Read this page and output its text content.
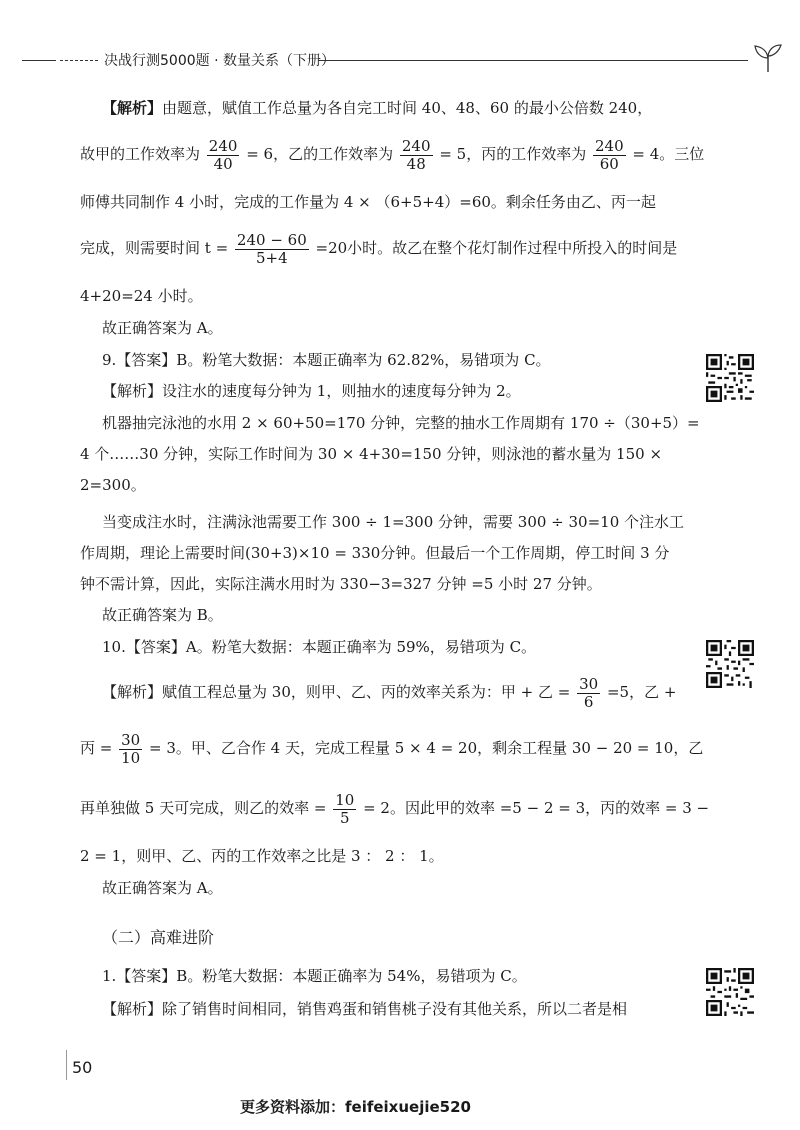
决战行测5000题 · 数量关系（下册）
【解析】由题意，赋值工作总量为各自完工时间 40、48、60 的最小公倍数 240，
故甲的工作效率为 $\frac{240}{40} = 6$，乙的工作效率为 $\frac{240}{48} = 5$，丙的工作效率为 $\frac{240}{60} = 4$。三位
师傅共同制作 4 小时，完成的工作量为 4 × （6+5+4）=60。剩余任务由乙、丙一起
完成，则需要时间 $t = \frac{240 - 60}{5+4} =20$小时。故乙在整个花灯制作过程中所投入的时间是
4+20=24 小时。
故正确答案为 A。
9.【答案】B。粉笔大数据：本题正确率为 62.82%，易错项为 C。
【解析】设注水的速度每分钟为 1，则抽水的速度每分钟为 2。
机器抽完泳池的水用 2 × 60+50=170 分钟，完整的抽水工作周期有 170 ÷（30+5）=
4 个……30 分钟，实际工作时间为 30 × 4+30=150 分钟，则泳池的蓄水量为 150 ×
2=300。
当变成注水时，注满泳池需要工作 300 ÷ 1=300 分钟，需要 300 ÷ 30=10 个注水工
作周期，理论上需要时间(30+3)×10 = 330分钟。但最后一个工作周期，停工时间 3 分
钟不需计算，因此，实际注满水用时为 330−3=327 分钟 =5 小时 27 分钟。
故正确答案为 B。
10.【答案】A。粉笔大数据：本题正确率为 59%，易错项为 C。
【解析】赋值工程总量为 30，则甲、乙、丙的效率关系为：甲 + 乙 = $\frac{30}{6} =5$，乙 +
丙 = $\frac{30}{10} = 3$。甲、乙合作 4 天，完成工程量 5 × 4 = 20，剩余工程量 30 − 20 = 10，乙
再单独做 5 天可完成，则乙的效率 = $\frac{10}{5} = 2$。因此甲的效率 =5 − 2 = 3，丙的效率 = 3 −
2 = 1，则甲、乙、丙的工作效率之比是 3 ： 2 ： 1。
故正确答案为 A。
（二）高难进阶
1.【答案】B。粉笔大数据：本题正确率为 54%，易错项为 C。
【解析】除了销售时间相同，销售鸡蛋和销售桃子没有其他关系，所以二者是相
50
更多资料添加：feifeixuejie520
